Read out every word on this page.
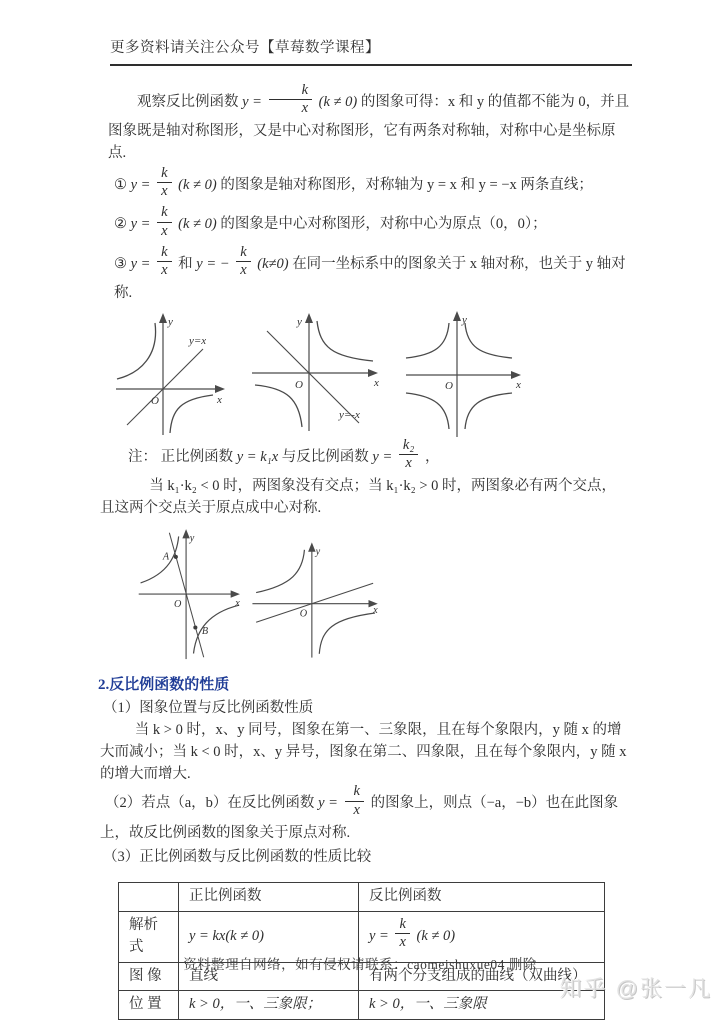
更多资料请关注公众号【草莓数学课程】

观察反比例函数 $y = \frac{k}{x} (k \ne 0)$ 的图象可得：x 和 y 的值都不能为 0，并且图象既是轴对称图形，又是中心对称图形，它有两条对称轴，对称中心是坐标原点.

① $y = \frac{k}{x} (k \ne 0)$ 的图象是轴对称图形，对称轴为 y = x 和 y = −x 两条直线；

② $y = \frac{k}{x} (k \ne 0)$ 的图象是中心对称图形，对称中心为原点（0，0）；

③ $y = \frac{k}{x}$ 和 y = − $\frac{k}{x} (k\ne 0)$ 在同一坐标系中的图象关于 x 轴对称，也关于 y 轴对称.

y
x
O
y=x
y
x
O
y=-x
y
x
O

注： 正比例函数 y = k₁x 与反比例函数 $y = \frac{\text{k₂}}{x}$ ，

当 k₁·k₂ < 0 时，两图象没有交点；当 k₁·k₂ > 0 时，两图象必有两个交点，且这两个交点关于原点成中心对称.

y
x
O
A
B
y
x
O
2.反比例函数的性质

（1）图象位置与反比例函数性质

当 k > 0 时，x、y 同号，图象在第一、三象限，且在每个象限内，y 随 x 的增大而减小；当 k < 0 时，x、y 异号，图象在第二、四象限，且在每个象限内，y 随 x 的增大而增大.

（2）若点（a，b）在反比例函数 $y = \frac{k}{x}$ 的图象上，则点（−a，−b）也在此图象上，故反比例函数的图象关于原点对称.

（3）正比例函数与反比例函数的性质比较

	正比例函数	反比例函数
解析式	y = kx(k ≠ 0)	$y = \frac{k}{x} (k \ne 0)$
图 像	直线	有两个分支组成的曲线（双曲线）
位 置	k > 0，一、三象限；	k > 0，一、三象限
资料整理自网络，如有侵权请联系：caomeishuxue04 删除
知乎 @张一凡
